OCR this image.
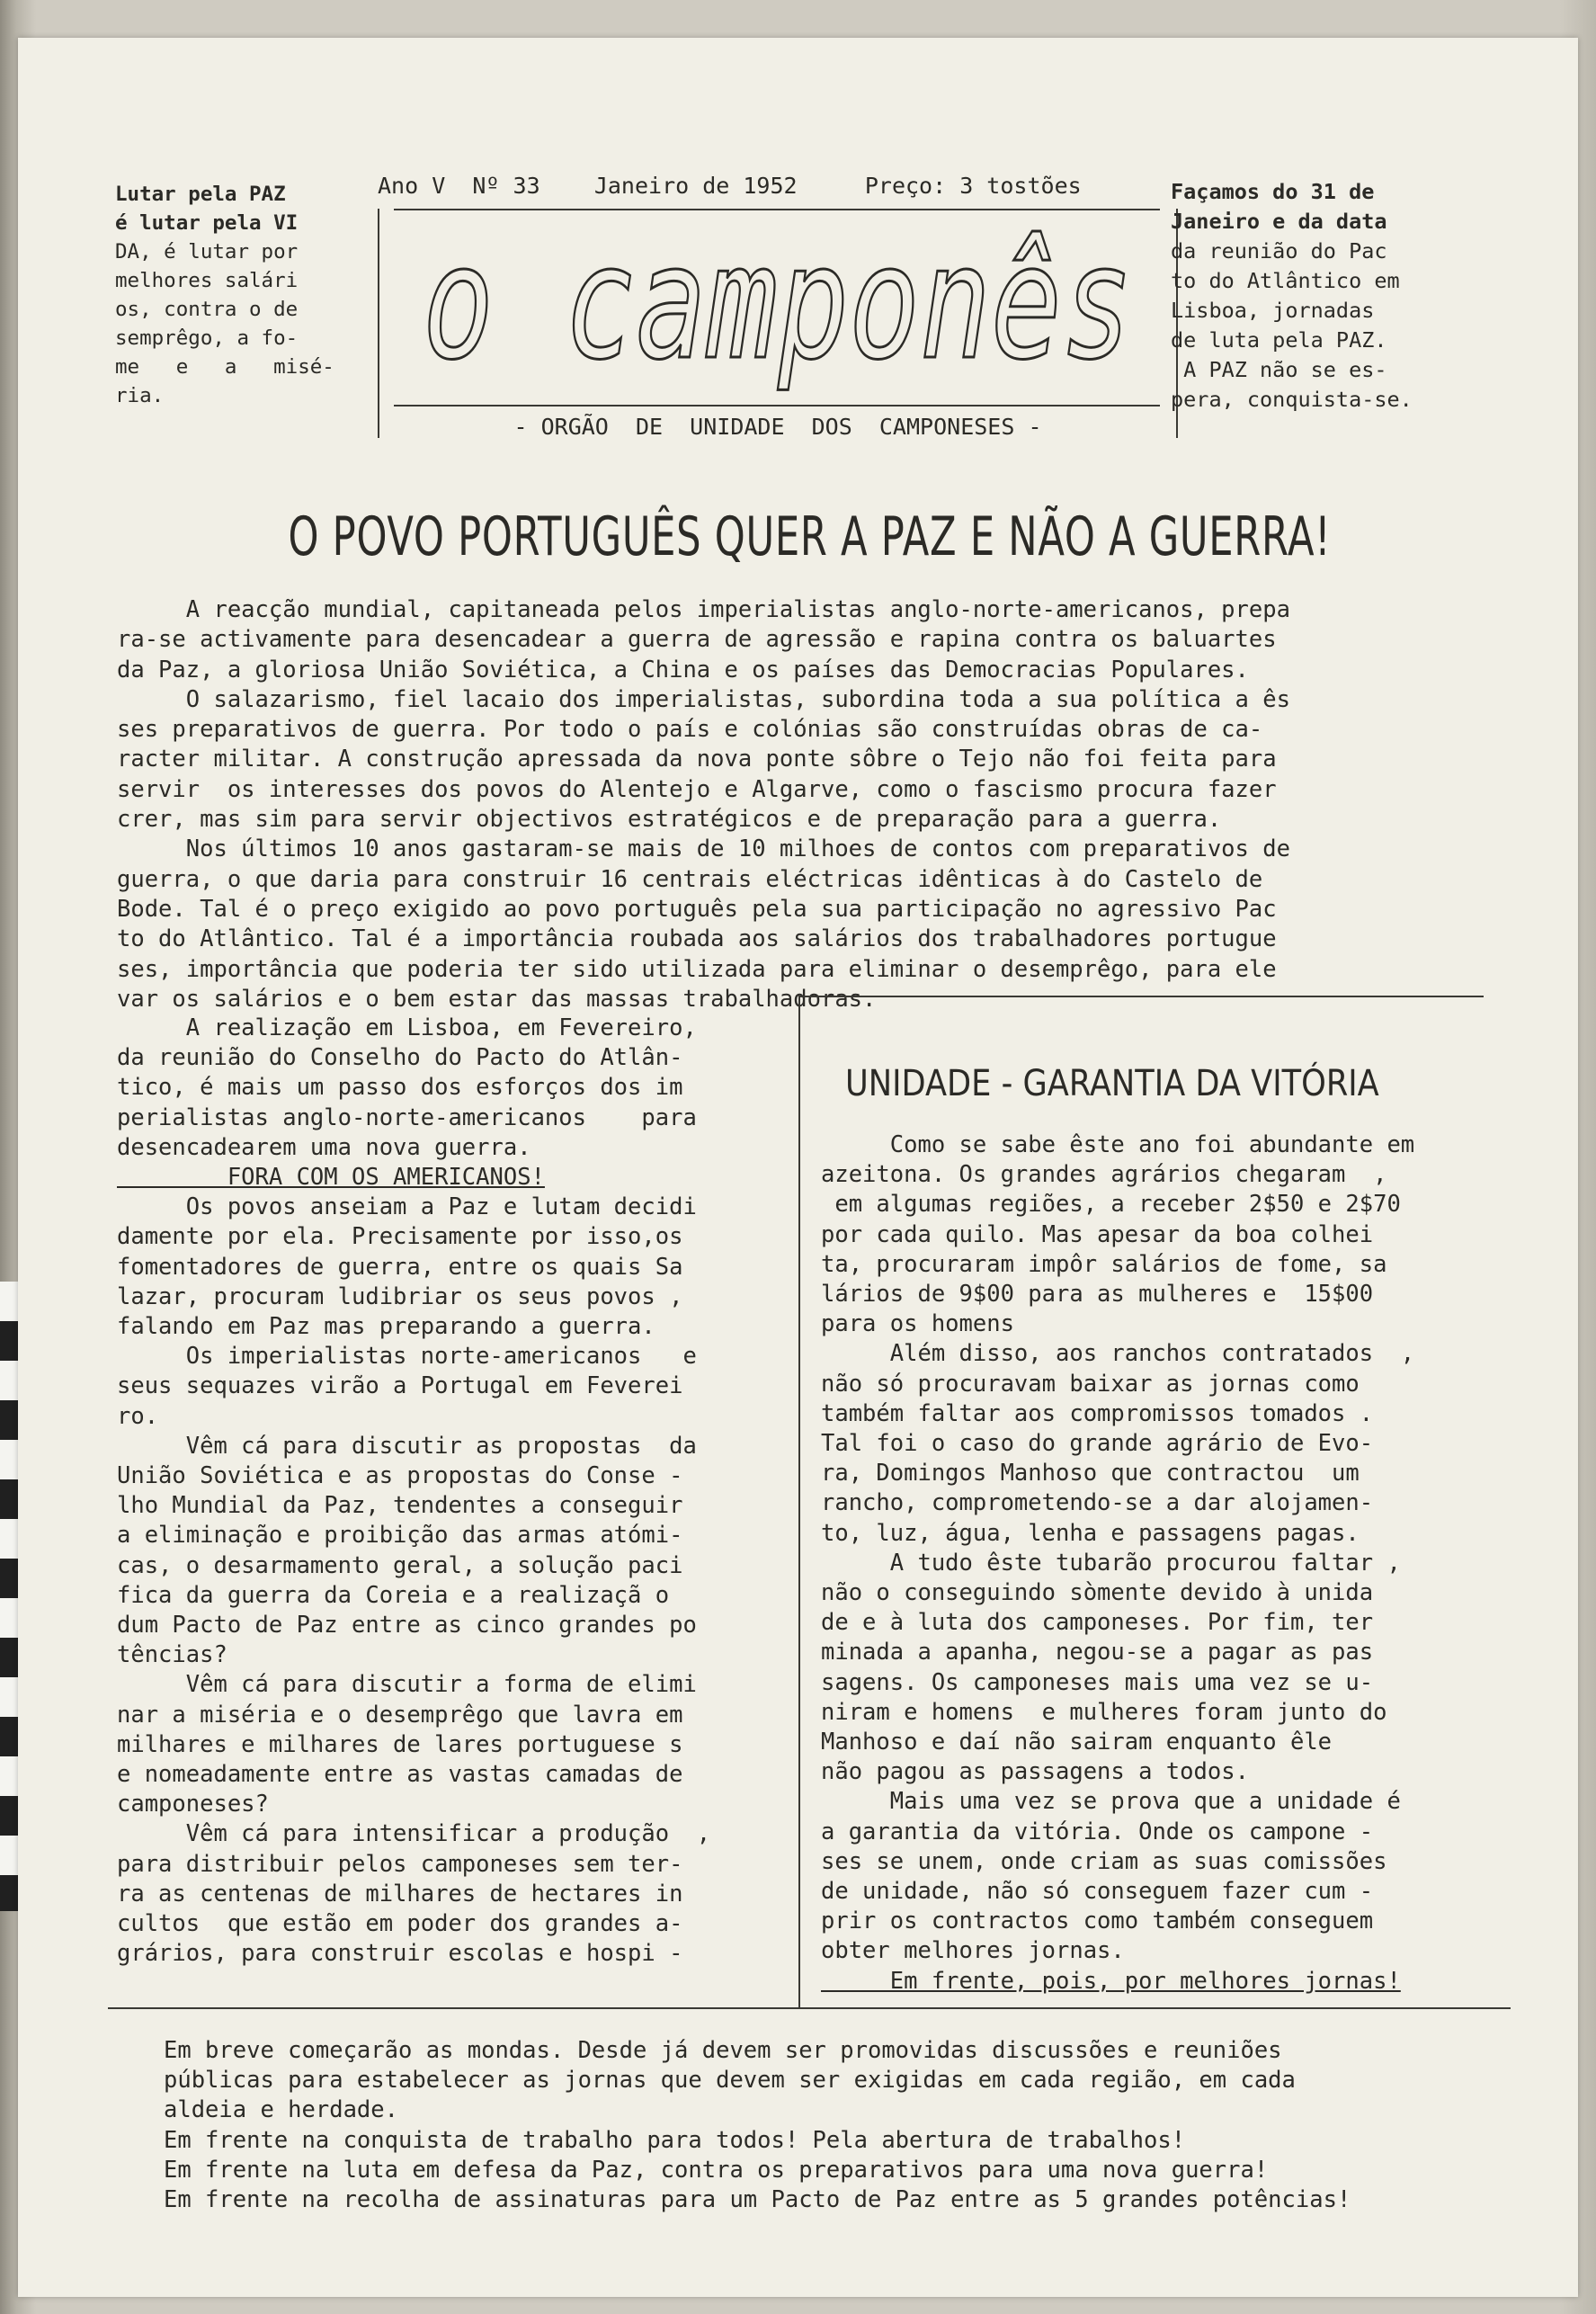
Lutar pela PAZ
é lutar pela VI
DA, é lutar por
melhores salári
os, contra o de
semprêgo, a fo-
me   e   a   misé-
ria.
Ano V  Nº 33    Janeiro de 1952     Preço: 3 tostões
o camponês
- ORGÃO  DE  UNIDADE  DOS  CAMPONESES -
Façamos do 31 de
Janeiro e da data
da reunião do Pac
to do Atlântico em
Lisboa, jornadas
de luta pela PAZ.
A PAZ não se es-
pera, conquista-se.
O POVO PORTUGUÊS QUER A PAZ E NÃO A GUERRA!
A reacção mundial, capitaneada pelos imperialistas anglo-norte-americanos, prepa
ra-se activamente para desencadear a guerra de agressão e rapina contra os baluartes
da Paz, a gloriosa União Soviética, a China e os países das Democracias Populares.
O salazarismo, fiel lacaio dos imperialistas, subordina toda a sua política a ês
ses preparativos de guerra. Por todo o país e colónias são construídas obras de ca-
racter militar. A construção apressada da nova ponte sôbre o Tejo não foi feita para
servir  os interesses dos povos do Alentejo e Algarve, como o fascismo procura fazer
crer, mas sim para servir objectivos estratégicos e de preparação para a guerra.
Nos últimos 10 anos gastaram-se mais de 10 milhoes de contos com preparativos de
guerra, o que daria para construir 16 centrais eléctricas idênticas à do Castelo de
Bode. Tal é o preço exigido ao povo português pela sua participação no agressivo Pac
to do Atlântico. Tal é a importância roubada aos salários dos trabalhadores portugue
ses, importância que poderia ter sido utilizada para eliminar o desemprêgo, para ele
var os salários e o bem estar das massas trabalhadoras.
A realização em Lisboa, em Fevereiro,
da reunião do Conselho do Pacto do Atlân-
tico, é mais um passo dos esforços dos im
perialistas anglo-norte-americanos    para
desencadearem uma nova guerra.
FORA COM OS AMERICANOS!
Os povos anseiam a Paz e lutam decidi
damente por ela. Precisamente por isso,os
fomentadores de guerra, entre os quais Sa
lazar, procuram ludibriar os seus povos ,
falando em Paz mas preparando a guerra.
Os imperialistas norte-americanos   e
seus sequazes virão a Portugal em Feverei
ro.
Vêm cá para discutir as propostas  da
União Soviética e as propostas do Conse -
lho Mundial da Paz, tendentes a conseguir
a eliminação e proibição das armas atómi-
cas, o desarmamento geral, a solução paci
fica da guerra da Coreia e a realizaçã o
dum Pacto de Paz entre as cinco grandes po
tências?
Vêm cá para discutir a forma de elimi
nar a miséria e o desemprêgo que lavra em
milhares e milhares de lares portuguese s
e nomeadamente entre as vastas camadas de
camponeses?
Vêm cá para intensificar a produção  ,
para distribuir pelos camponeses sem ter-
ra as centenas de milhares de hectares in
cultos  que estão em poder dos grandes a-
grários, para construir escolas e hospi -
UNIDADE - GARANTIA DA VITÓRIA
Como se sabe êste ano foi abundante em
azeitona. Os grandes agrários chegaram  ,
em algumas regiões, a receber 2$50 e 2$70
por cada quilo. Mas apesar da boa colhei
ta, procuraram impôr salários de fome, sa
lários de 9$00 para as mulheres e  15$00
para os homens
Além disso, aos ranchos contratados  ,
não só procuravam baixar as jornas como
também faltar aos compromissos tomados .
Tal foi o caso do grande agrário de Evo-
ra, Domingos Manhoso que contractou  um
rancho, comprometendo-se a dar alojamen-
to, luz, água, lenha e passagens pagas.
A tudo êste tubarão procurou faltar ,
não o conseguindo sòmente devido à unida
de e à luta dos camponeses. Por fim, ter
minada a apanha, negou-se a pagar as pas
sagens. Os camponeses mais uma vez se u-
niram e homens  e mulheres foram junto do
Manhoso e daí não sairam enquanto êle
não pagou as passagens a todos.
Mais uma vez se prova que a unidade é
a garantia da vitória. Onde os campone -
ses se unem, onde criam as suas comissões
de unidade, não só conseguem fazer cum -
prir os contractos como também conseguem
obter melhores jornas.
Em frente, pois, por melhores jornas!
Em breve começarão as mondas. Desde já devem ser promovidas discussões e reuniões
públicas para estabelecer as jornas que devem ser exigidas em cada região, em cada
aldeia e herdade.
Em frente na conquista de trabalho para todos! Pela abertura de trabalhos!
Em frente na luta em defesa da Paz, contra os preparativos para uma nova guerra!
Em frente na recolha de assinaturas para um Pacto de Paz entre as 5 grandes potências!
